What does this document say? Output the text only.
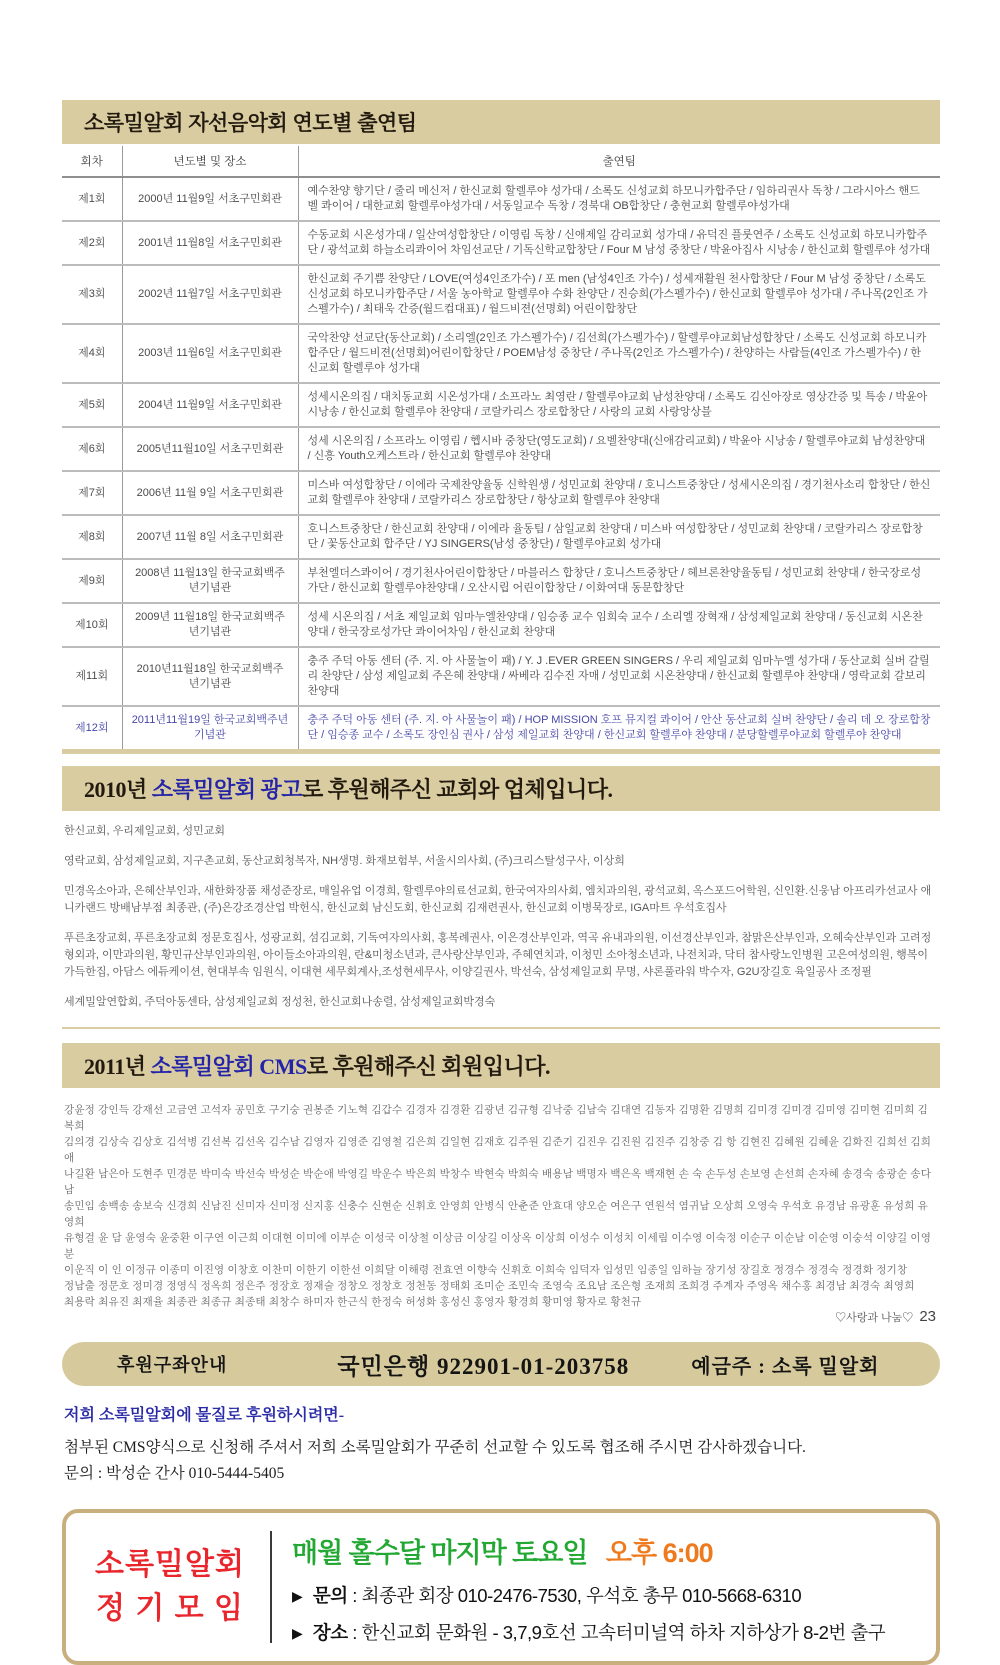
소록밀알회 자선음악회 연도별 출연팀
회차	년도별 및 장소	출연팀
제1회	2000년 11월9일 서초구민회관	예수찬양 향기단 / 줄리 메신저 / 한신교회 할렐루야 성가대 / 소록도 신성교회 하모니카합주단 / 임하리권사 독창 / 그라시아스 핸드 벨 콰이어 / 대한교회 할렐루야성가대 / 서동일교수 독창 / 경북대 OB합창단 / 충현교회 할렐루야성가대
제2회	2001년 11월8일 서초구민회관	수동교회 시온성가대 / 일산여성합창단 / 이영림 독창 / 신애제일 감리교회 성가대 / 유덕진 플룻연주 / 소록도 신성교회 하모니카합주단 / 광석교회 하늘소리콰이어 차임선교단 / 기독신학교합창단 / Four M 남성 중창단 / 박윤아집사 시낭송 / 한신교회 할렐루야 성가대
제3회	2002년 11월7일 서초구민회관	한신교회 주기쁨 찬양단 / LOVE(여성4인조가수) / 포 men (남성4인조 가수) / 성세재활원 천사합창단 / Four M 남성 중창단 / 소록도 신성교회 하모니카합주단 / 서울 농아학교 할렐루야 수화 찬양단 / 진승희(가스펠가수) / 한신교회 할렐루야 성가대 / 주나목(2인조 가스펠가수) / 최태욱 간증(월드컵대표) / 월드비젼(선명회) 어린이합창단
제4회	2003년 11월6일 서초구민회관	국악찬양 선교단(동산교회) / 소리엘(2인조 가스펠가수) / 김선희(가스펠가수) / 할렐루야교회남성합창단 / 소록도 신성교회 하모니카합주단 / 월드비젼(선명회)어린이합창단 / POEM남성 중창단 / 주나목(2인조 가스펠가수) / 찬양하는 사람들(4인조 가스펠가수) / 한신교회 할렐루야 성가대
제5회	2004년 11월9일 서초구민회관	성세시온의집 / 대치동교회 시온성가대 / 소프라노 최영란 / 할렐루야교회 남성찬양대 / 소록도 김신아장로 영상간증 및 특송 / 박윤아 시낭송 / 한신교회 할렐루야 찬양대 / 코랄카리스 장로합창단 / 사랑의 교회 사랑앙상블
제6회	2005년11월10일 서초구민회관	성세 시온의집 / 소프라노 이영림 / 헵시바 중창단(영도교회) / 요벨찬양대(신애감리교회) / 박윤아 시낭송 / 할렐루야교회 남성찬양대 / 신흥 Youth오케스트라 / 한신교회 할렐루야 찬양대
제7회	2006년 11월 9일 서초구민회관	미스바 여성합창단 / 이에라 국제찬양율동 신학원생 / 성민교회 찬양대 / 호니스트중창단 / 성세시온의집 / 경기천사소리 합창단 / 한신교회 할렐루야 찬양대 / 코랄카리스 장로합창단 / 항상교회 할렐루야 찬양대
제8회	2007년 11월 8일 서초구민회관	호니스트중창단 / 한신교회 찬양대 / 이에라 율동팀 / 삼일교회 찬양대 / 미스바 여성합창단 / 성민교회 찬양대 / 코랄카리스 장로합창단 / 꽃동산교회 합주단 / YJ SINGERS(남성 중창단) / 할렐루야교회 성가대
제9회	2008년 11월13일 한국교회백주년기념관	부천엘더스콰이어 / 경기천사어린이합창단 / 마블러스 합창단 / 호니스트중창단 / 헤브론찬양율동팀 / 성민교회 찬양대 / 한국장로성가단 / 한신교회 할렐루야찬양대 / 오산시립 어린이합창단 / 이화여대 동문합창단
제10회	2009년 11월18일 한국교회백주년기념관	성세 시온의집 / 서초 제일교회 임마누엘찬양대 / 임승종 교수 임희숙 교수 / 소리엘 장혁재 / 삼성제일교회 찬양대 / 동신교회 시온찬양대 / 한국장로성가단 콰이어차임 / 한신교회 찬양대
제11회	2010년11월18일 한국교회백주년기념관	충주 주덕 아동 센터 (주. 지. 아 사물놀이 패) / Y. J .EVER GREEN SINGERS / 우리 제일교회 임마누엘 성가대 / 동산교회 실버 갈릴리 찬양단 / 삼성 제일교회 주은혜 찬양대 / 싸베라 김수진 자매 / 성민교회 시온찬양대 / 한신교회 할렐루야 찬양대 / 영락교회 갈보리 찬양대
제12회	2011년11월19일 한국교회백주년기념관	충주 주덕 아동 센터 (주. 지. 아 사물놀이 패) / HOP MISSION 호프 뮤지컬 콰이어 / 안산 동산교회 실버 찬양단 / 솔리 데 오 장로합창단 / 임승종 교수 / 소록도 장인심 권사 / 삼성 제일교회 찬양대 / 한신교회 할렐루야 찬양대 / 분당할렐루야교회 할렐루야 찬양대
2010년 소록밀알회 광고로 후원해주신 교회와 업체입니다.

한신교회, 우리제일교회, 성민교회

영락교회, 삼성제일교회, 지구촌교회, 동산교회청복자, NH생명. 화재보험부, 서울시의사회, (주)크리스탈성구사, 이상희

민경옥소아과, 은혜산부인과, 새한화장품 채성준장로, 매일유업 이경희, 할렐루야의료선교회, 한국여자의사회, 엠치과의원, 광석교회, 옥스포드어학원, 신인환.신웅남 아프리카선교사 애니카랜드 방배남부점 최종관, (주)은강조경산업 박헌식, 한신교회 남신도회, 한신교회 김재련권사, 한신교회 이병묵장로, IGA마트 우석호집사

푸른초장교회, 푸른초장교회 정문호집사, 성광교회, 섬김교회, 기독여자의사회, 홍복례권사, 이은경산부인과, 역곡 유내과의원, 이선경산부인과, 참맑은산부인과, 오혜숙산부인과 고려정형외과, 이만과의원, 황민규산부인과의원, 아이들소아과의원, 란&미청소년과, 큰사랑산부인과, 주혜연치과, 이청민 소아청소년과, 나전치과, 닥터 참사랑노인병원 고은여성의원, 행복이 가득한집, 아담스 에듀케이션, 현대부속 임원식, 이대현 세무회계사,조성현세무사, 이양길권사, 박선숙, 삼성제일교회 무명, 샤론풀라워 박수자, G2U장길호 육일공사 조정필

세계밀알연합회, 주덕아동센타, 삼성제일교회 정성천, 한신교회나송렬, 삼성제일교회박경숙

2011년 소록밀알회 CMS로 후원해주신 회원입니다.
강윤정 강인득 강재선 고금연 고석자 공민호 구기숭 권봉준 기노혁 김갑수 김경자 김경환 김광년 김규형 김낙중 김남숙 김대연 김동자 김명환 김명희 김미경 김미경 김미영 김미현 김미희 김복희
김의경 김상숙 김상호 김석병 김선복 김선옥 김수남 김영자 김영준 김영철 김은희 김일현 김재호 김주원 김준기 김진우 김진원 김진주 김창중 김 항 김현진 김혜원 김혜윤 김화진 김희선 김희애
나길환 남은아 도현주 민경문 박미숙 박선숙 박성순 박순애 박영길 박운수 박은희 박창수 박현숙 박희숙 배용남 백명자 백은옥 백재현 손 숙 손두성 손보영 손선희 손자혜 송경숙 송광순 송다남
송민임 송백송 송보숙 신경희 신남진 신미자 신미정 신지홍 신충수 신현순 신휘호 안영희 안병식 안춘준 안효대 양오순 여은구 연원석 염귀남 오상희 오영숙 우석호 유경남 유광훈 유성희 유영희
유형걸 윤 담 윤영숙 윤중환 이구연 이근희 이대현 이미에 이부순 이성국 이상철 이상금 이상길 이상옥 이상희 이성수 이성치 이세림 이수영 이숙정 이순구 이순남 이순영 이숭석 이양길 이영분
이운직 이 인 이정규 이종미 이진영 이창호 이찬미 이한기 이한선 이희달 이해령 전효연 이향숙 신휘호 이희숙 임덕자 임성민 임종일 임하늘 장기성 장길호 정경수 정경숙 정경화 정기창
정남출 정문호 정미경 정영식 정옥희 정은주 정장호 정재술 정창오 정창호 정천동 정태회 조미순 조민숙 조영숙 조요남 조은형 조재희 조희경 주계자 주영옥 채수홍 최경남 최경숙 최영희
최용락 최유진 최재율 최종관 최종규 최종태 최창수 하미자 한근식 한정숙 허성화 홍성신 홍영자 황경희 황미영 황자로 황천규
후원구좌안내	국민은행 922901-01-203758	예금주 : 소록 밀알회
저희 소록밀알회에 물질로 후원하시려면-
첨부된 CMS양식으로 신청해 주셔서 저희 소록밀알회가 꾸준히 선교할 수 있도록 협조해 주시면 감사하겠습니다.
문의 : 박성순 간사 010-5444-5405
소록밀알회
정 기 모 임
매월 홀수달 마지막 토요일 오후 6:00
▶ 문의 : 최종관 회장 010-2476-7530, 우석호 총무 010-5668-6310
▶ 장소 : 한신교회 문화원 - 3,7,9호선 고속터미널역 하차 지하상가 8-2번 출구
♡사랑과 나눔♡ 23
